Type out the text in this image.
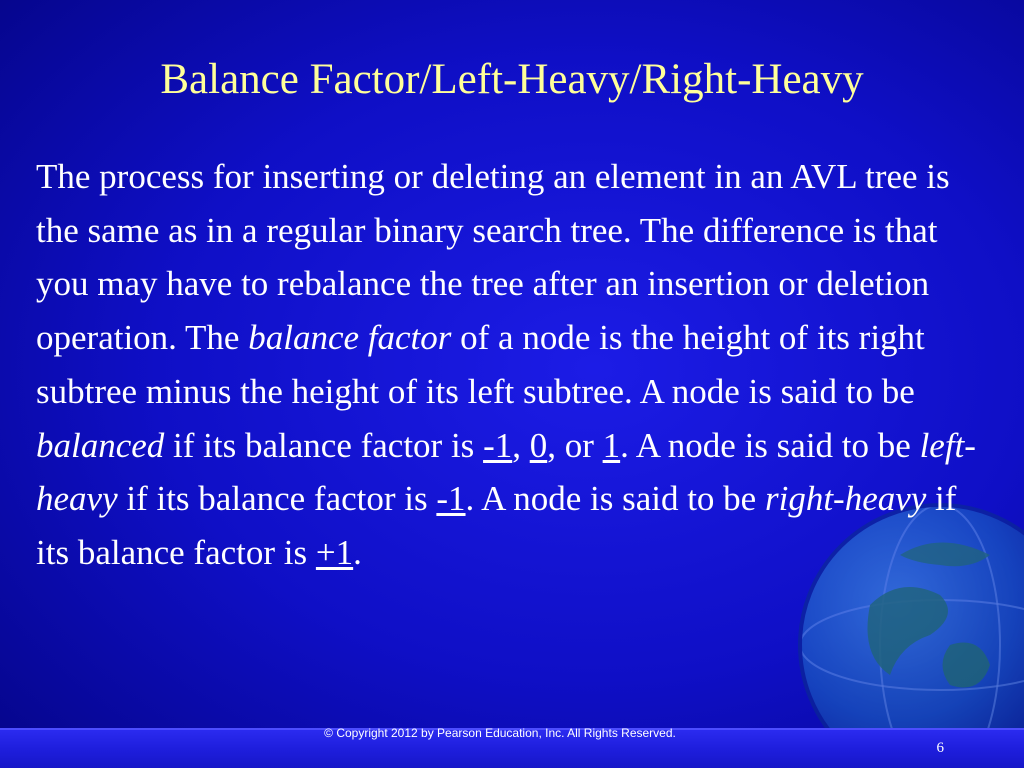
Balance Factor/Left-Heavy/Right-Heavy

The process for inserting or deleting an element in an AVL tree is the same as in a regular binary search tree. The difference is that you may have to rebalance the tree after an insertion or deletion operation. The balance factor of a node is the height of its right subtree minus the height of its left subtree. A node is said to be balanced if its balance factor is -1, 0, or 1. A node is said to be left-heavy if its balance factor is -1. A node is said to be right-heavy if its balance factor is +1.

© Copyright 2012 by Pearson Education, Inc. All Rights Reserved.
6
